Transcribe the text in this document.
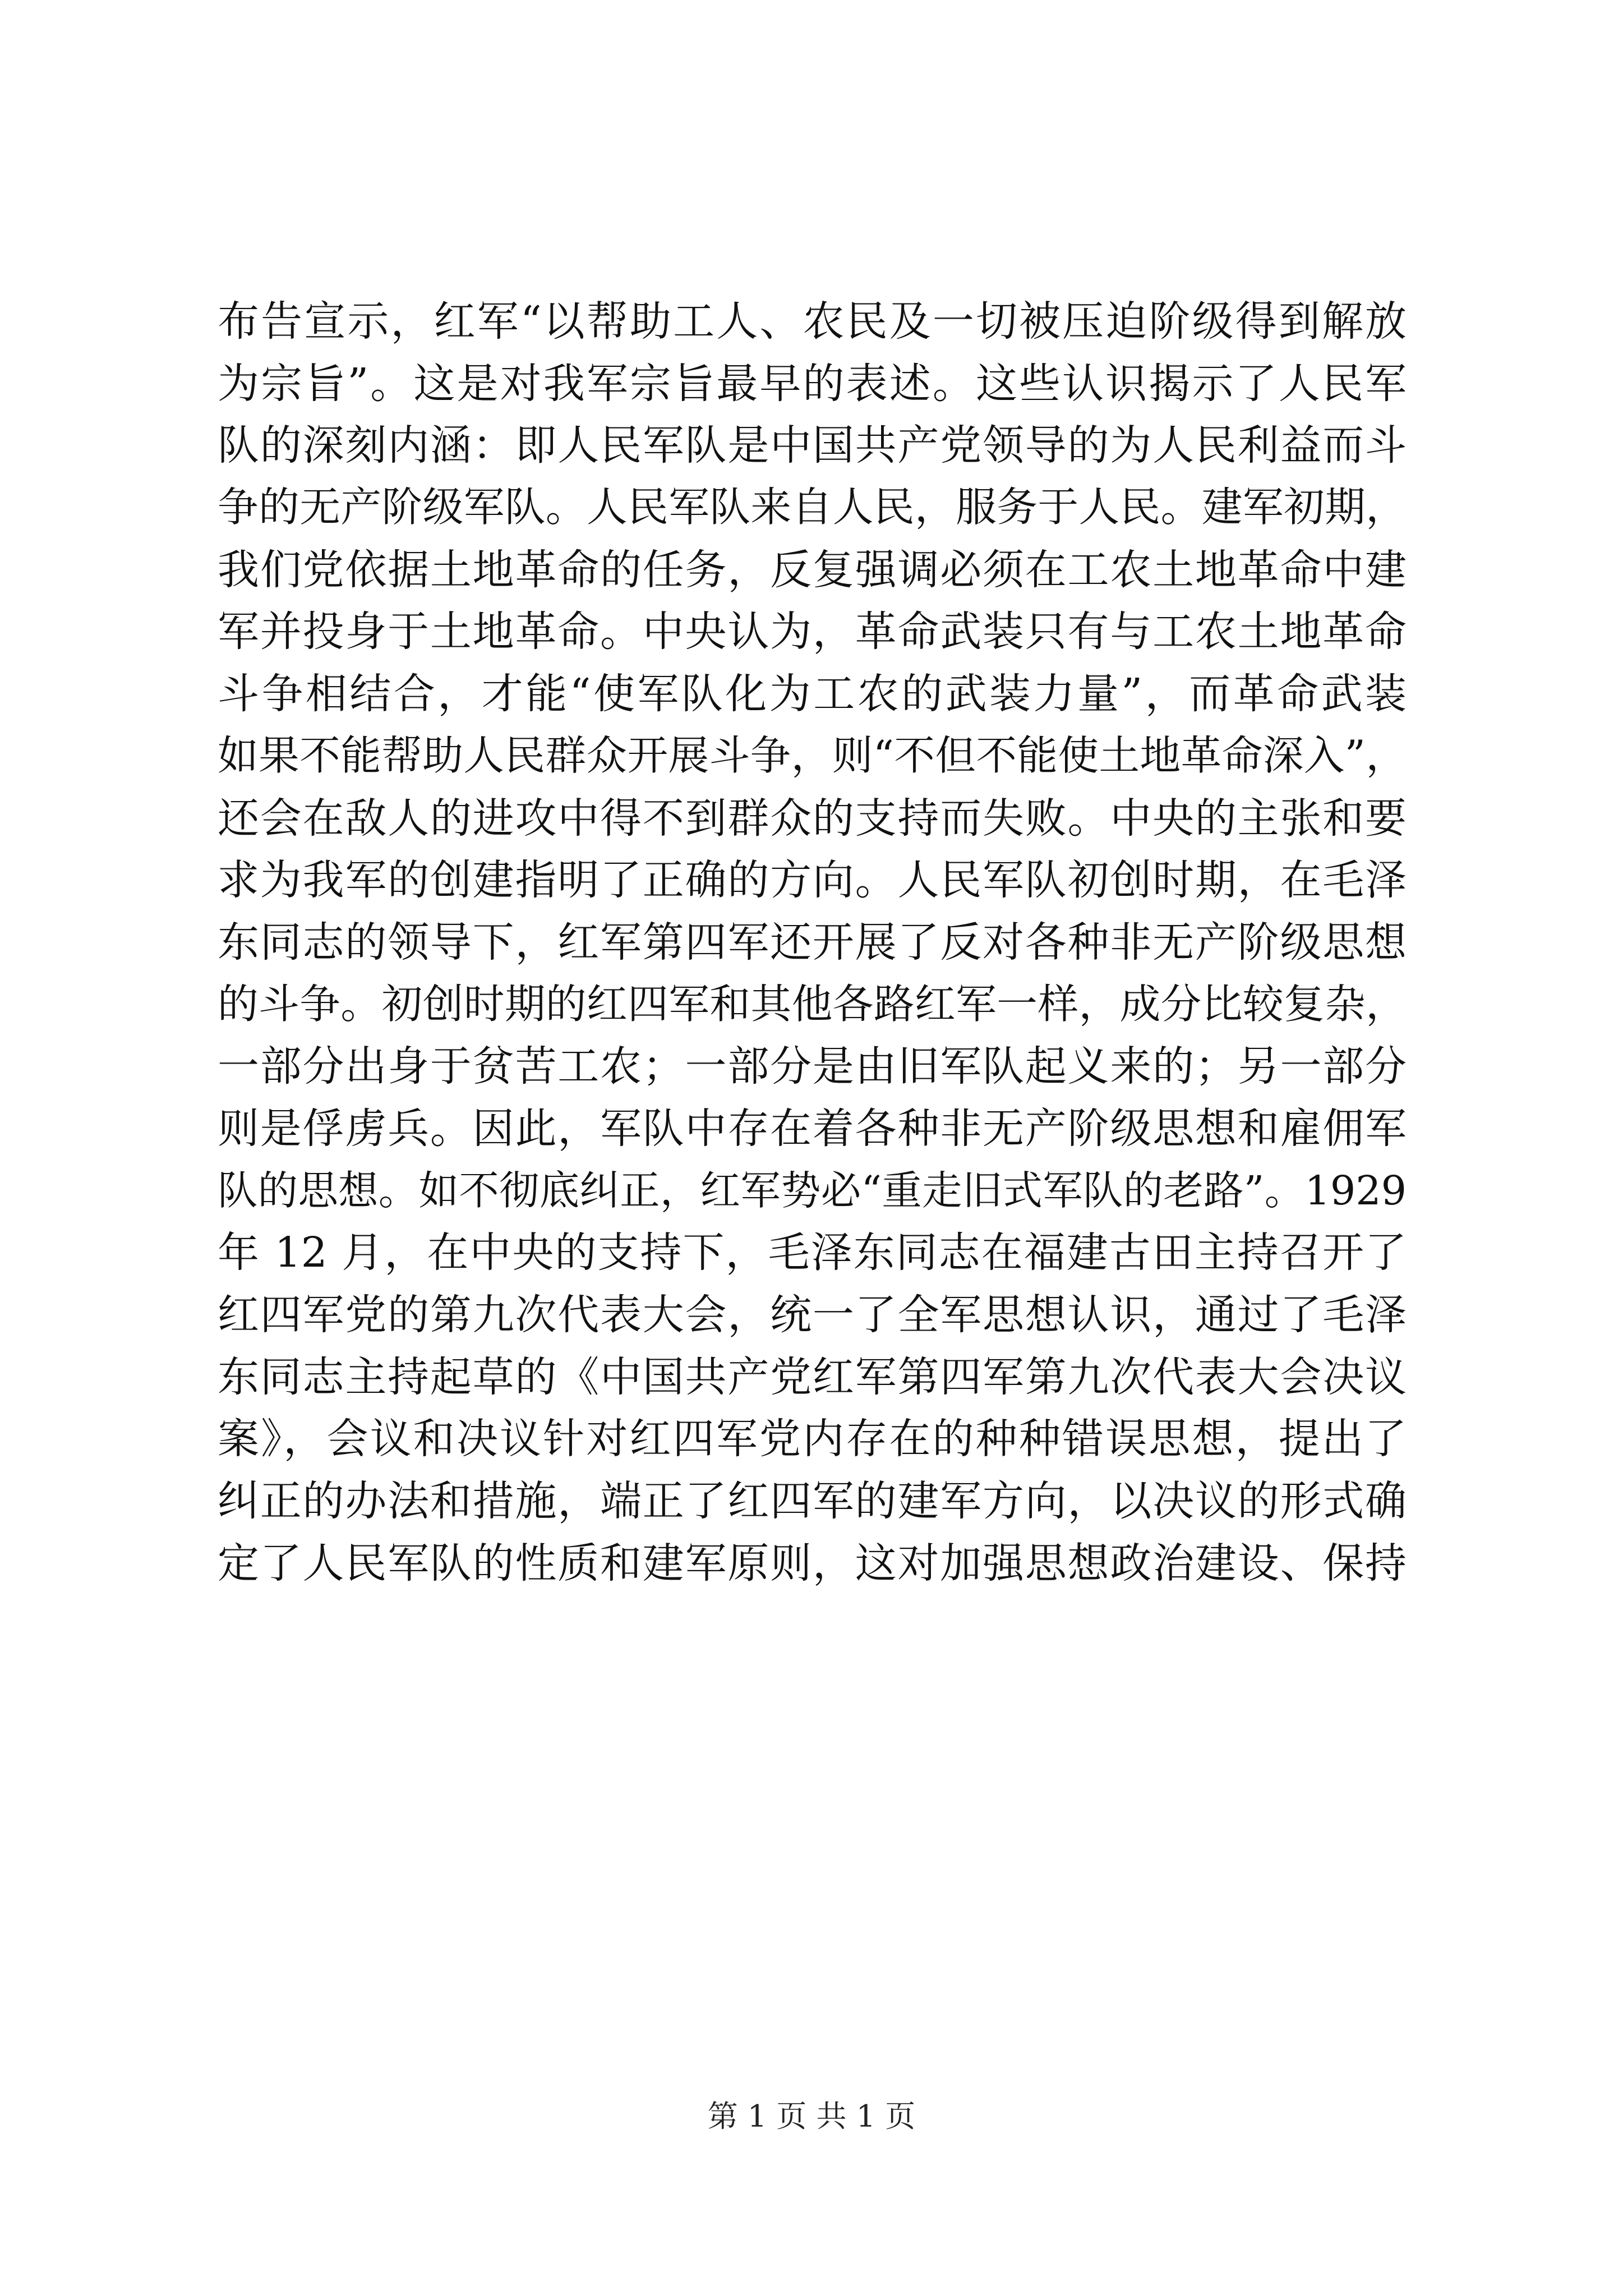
布告宣示，红军“以帮助工人、农民及一切被压迫阶级得到解放
为宗旨”。这是对我军宗旨最早的表述。这些认识揭示了人民军
队的深刻内涵：即人民军队是中国共产党领导的为人民利益而斗
争的无产阶级军队。人民军队来自人民，服务于人民。建军初期，
我们党依据土地革命的任务，反复强调必须在工农土地革命中建
军并投身于土地革命。中央认为，革命武装只有与工农土地革命
斗争相结合，才能“使军队化为工农的武装力量”，而革命武装
如果不能帮助人民群众开展斗争，则“不但不能使土地革命深入”，
还会在敌人的进攻中得不到群众的支持而失败。中央的主张和要
求为我军的创建指明了正确的方向。人民军队初创时期，在毛泽
东同志的领导下，红军第四军还开展了反对各种非无产阶级思想
的斗争。初创时期的红四军和其他各路红军一样，成分比较复杂，
一部分出身于贫苦工农；一部分是由旧军队起义来的；另一部分
则是俘虏兵。因此，军队中存在着各种非无产阶级思想和雇佣军
队的思想。如不彻底纠正，红军势必“重走旧式军队的老路”。1929
年 12 月，在中央的支持下，毛泽东同志在福建古田主持召开了
红四军党的第九次代表大会，统一了全军思想认识，通过了毛泽
东同志主持起草的《中国共产党红军第四军第九次代表大会决议
案》，会议和决议针对红四军党内存在的种种错误思想，提出了
纠正的办法和措施，端正了红四军的建军方向，以决议的形式确
定了人民军队的性质和建军原则，这对加强思想政治建设、保持
第 1 页 共 1 页
